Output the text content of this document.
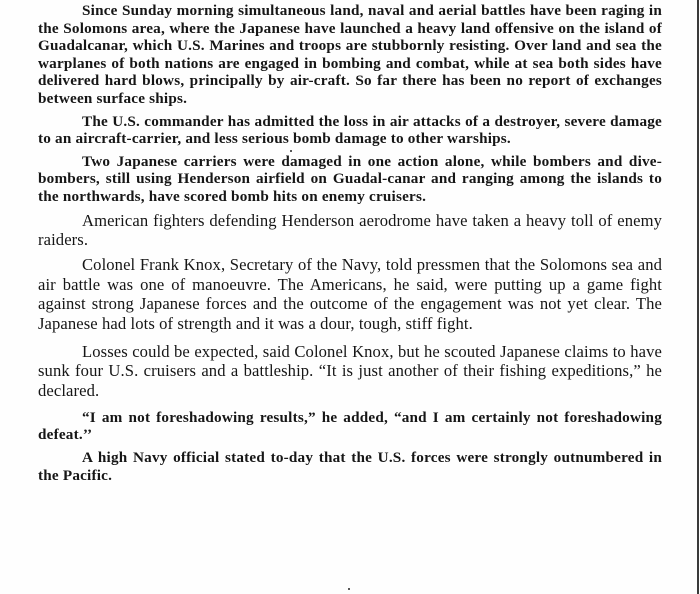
Since Sunday morning simultaneous land, naval and aerial battles have been raging in the Solomons area, where the Japanese have launched a heavy land offensive on the island of Guadalcanar, which U.S. Marines and troops are stubbornly resisting. Over land and sea the warplanes of both nations are engaged in bombing and combat, while at sea both sides have delivered hard blows, principally by air-craft. So far there has been no report of exchanges between surface ships.

The U.S. commander has admitted the loss in air attacks of a destroyer, severe damage to an aircraft-carrier, and less serious bomb damage to other warships.

Two Japanese carriers were damaged in one action alone, while bombers and dive-bombers, still using Henderson airfield on Guadal-canar and ranging among the islands to the northwards, have scored bomb hits on enemy cruisers.

American fighters defending Henderson aerodrome have taken a heavy toll of enemy raiders.

Colonel Frank Knox, Secretary of the Navy, told pressmen that the Solomons sea and air battle was one of manoeuvre. The Americans, he said, were putting up a game fight against strong Japanese forces and the outcome of the engagement was not yet clear. The Japanese had lots of strength and it was a dour, tough, stiff fight.

Losses could be expected, said Colonel Knox, but he scouted Japanese claims to have sunk four U.S. cruisers and a battleship. “It is just another of their fishing expeditions,” he declared.

“I am not foreshadowing results,” he added, “and I am certainly not foreshadowing defeat.’’

A high Navy official stated to-day that the U.S. forces were strongly outnumbered in the Pacific.
